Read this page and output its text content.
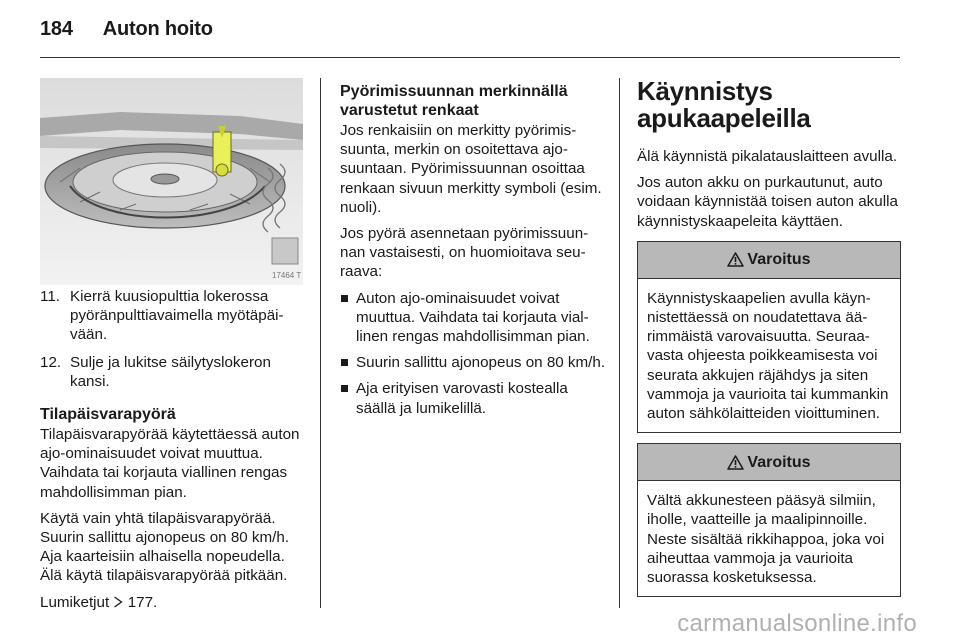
184 Auton hoito
17464 T
11. Kierrä kuusiopulttia lokerossa pyöränpulttiavaimella myötäpäivään.
12. Sulje ja lukitse säilytyslokeron kansi.
Tilapäisvarapyörä

Tilapäisvarapyörää käytettäessä auton ajo-ominaisuudet voivat muuttua. Vaihdata tai korjauta viallinen rengas mahdollisimman pian.

Käytä vain yhtä tilapäisvarapyörää. Suurin sallittu ajonopeus on 80 km/h. Aja kaarteisiin alhaisella nopeudella. Älä käytä tilapäisvarapyörää pitkään.

Lumiketjut 177.

Pyörimissuunnan merkinnällä varustetut renkaat

Jos renkaisiin on merkitty pyörimissuunta, merkin on osoitettava ajosuuntaan. Pyörimissuunnan osoittaa renkaan sivuun merkitty symboli (esim. nuoli).

Jos pyörä asennetaan pyörimissuunnan vastaisesti, on huomioitava seuraava:

Auton ajo-ominaisuudet voivat muuttua. Vaihdata tai korjauta viallinen rengas mahdollisimman pian.
Suurin sallittu ajonopeus on 80 km/h.
Aja erityisen varovasti kostealla säällä ja lumikelillä.
Käynnistys
apukaapeleilla

Älä käynnistä pikalatauslaitteen avulla.

Jos auton akku on purkautunut, auto voidaan käynnistää toisen auton akulla käynnistyskaapeleita käyttäen.

Varoitus
Käynnistyskaapelien avulla käynnistettäessä on noudatettava äärimmäistä varovaisuutta. Seuraavasta ohjeesta poikkeamisesta voi seurata akkujen räjähdys ja siten vammoja ja vaurioita tai kummankin auton sähkölaitteiden vioittuminen.
Varoitus
Vältä akkunesteen pääsyä silmiin, iholle, vaatteille ja maalipinnoille. Neste sisältää rikkihappoa, joka voi aiheuttaa vammoja ja vaurioita suorassa kosketuksessa.
carmanualsonline.info
